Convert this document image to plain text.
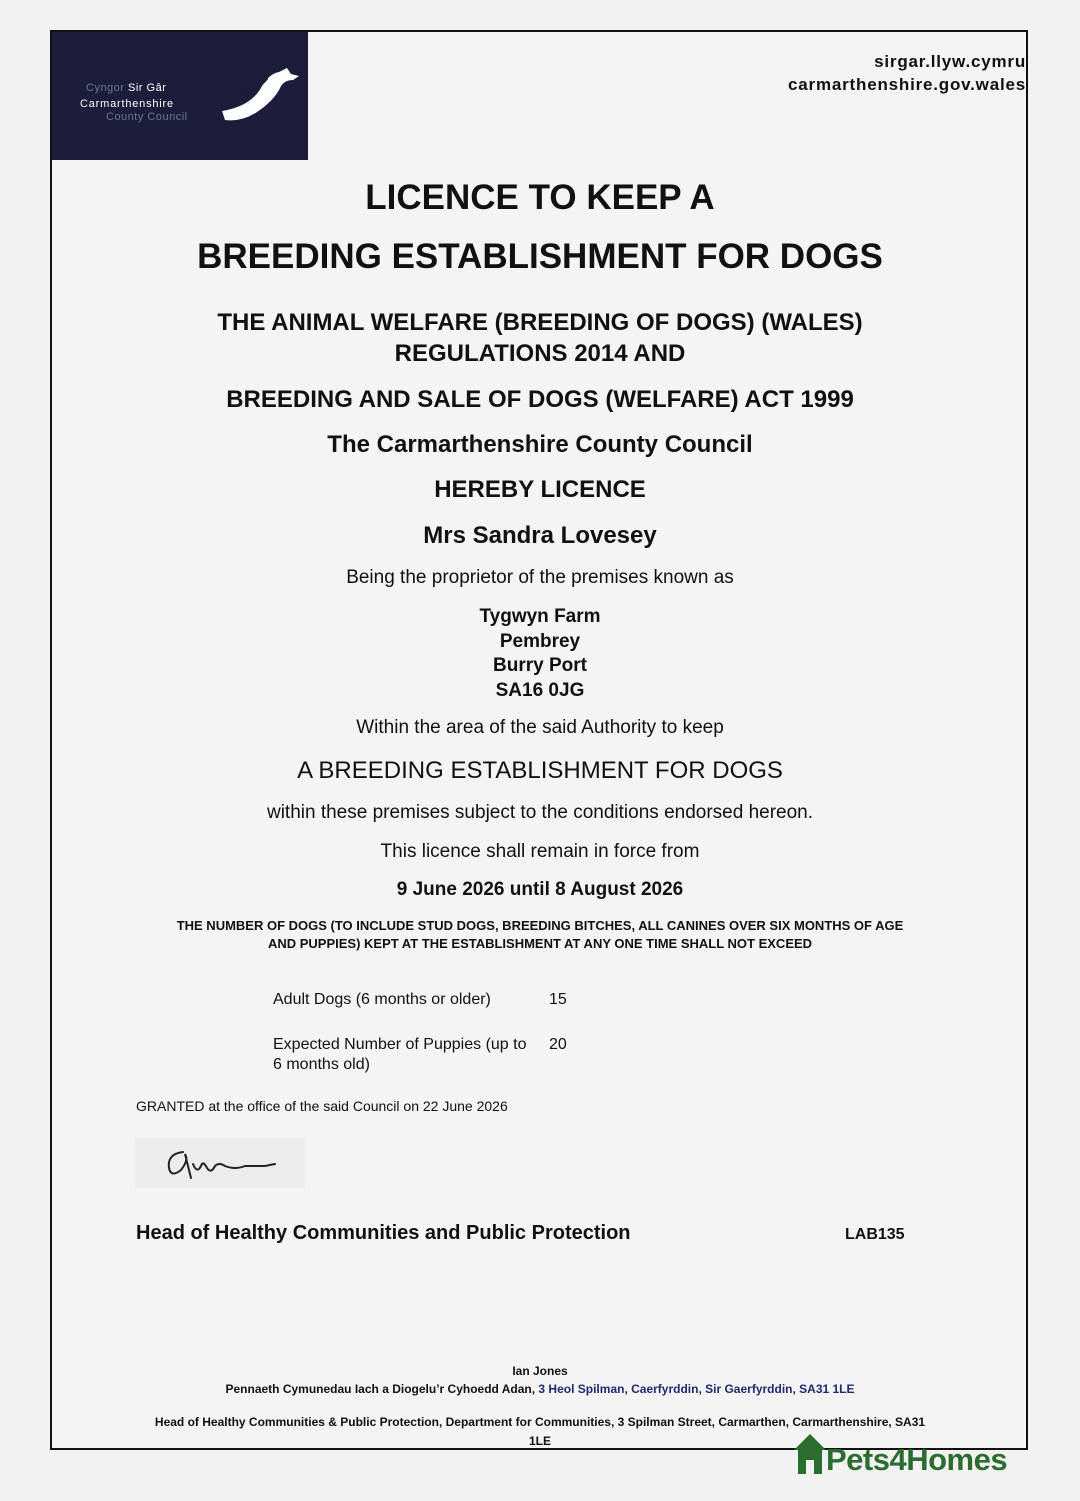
Cyngor Sir Gâr
Carmarthenshire
County Council
sirgar.llyw.cymru
carmarthenshire.gov.wales
LICENCE TO KEEP A
BREEDING ESTABLISHMENT FOR DOGS
THE ANIMAL WELFARE (BREEDING OF DOGS) (WALES)
REGULATIONS 2014 AND
BREEDING AND SALE OF DOGS (WELFARE) ACT 1999
The Carmarthenshire County Council
HEREBY LICENCE
Mrs Sandra Lovesey
Being the proprietor of the premises known as
Tygwyn Farm
Pembrey
Burry Port
SA16 0JG
Within the area of the said Authority to keep
A BREEDING ESTABLISHMENT FOR DOGS
within these premises subject to the conditions endorsed hereon.
This licence shall remain in force from
9 June 2026 until 8 August 2026
THE NUMBER OF DOGS (TO INCLUDE STUD DOGS, BREEDING BITCHES, ALL CANINES OVER SIX MONTHS OF AGE
AND PUPPIES) KEPT AT THE ESTABLISHMENT AT ANY ONE TIME SHALL NOT EXCEED
Adult Dogs (6 months or older)	15
Expected Number of Puppies (up to
6 months old)
20
GRANTED at the office of the said Council on 22 June 2026
Head of Healthy Communities and Public Protection	LAB135
Ian Jones
Pennaeth Cymunedau Iach a Diogelu’r Cyhoedd Adan, 3 Heol Spilman, Caerfyrddin, Sir Gaerfyrddin, SA31 1LE
Head of Healthy Communities & Public Protection, Department for Communities, 3 Spilman Street, Carmarthen, Carmarthenshire, SA31
1LE
Pets4Homes
